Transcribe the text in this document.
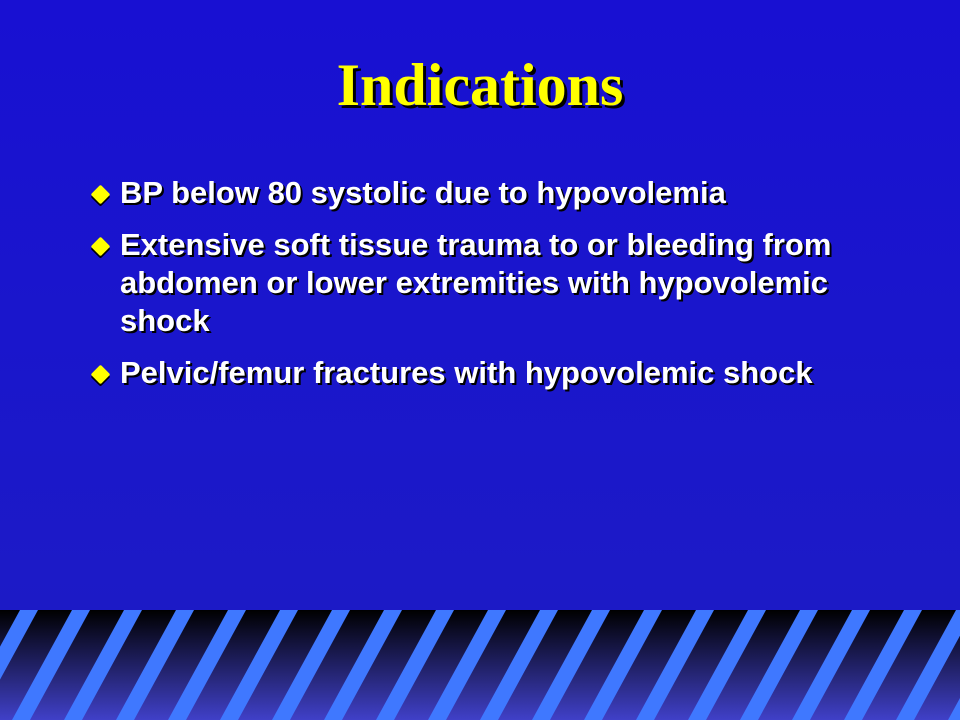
Indications
BP below 80 systolic due to hypovolemia
Extensive soft tissue trauma to or bleeding from abdomen or lower extremities with hypovolemic shock
Pelvic/femur fractures with hypovolemic shock
